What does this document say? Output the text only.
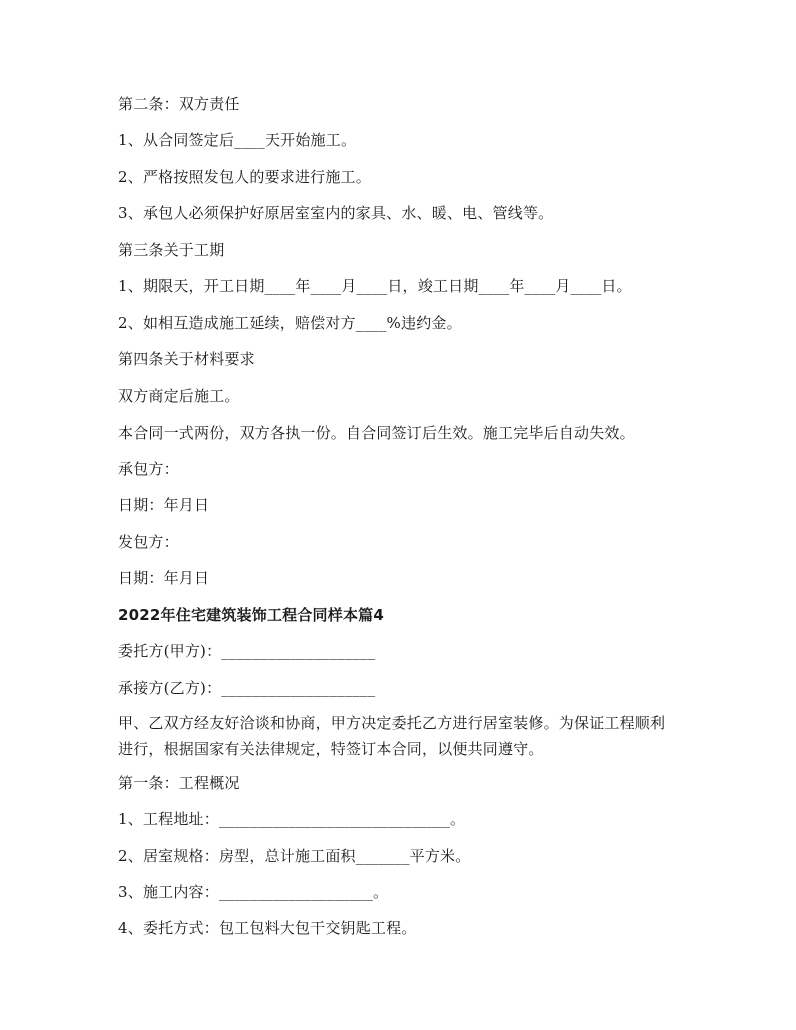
第二条：双方责任
1、从合同签定后____天开始施工。
2、严格按照发包人的要求进行施工。
3、承包人必须保护好原居室室内的家具、水、暖、电、管线等。
第三条关于工期
1、期限天，开工日期____年____月____日，竣工日期____年____月____日。
2、如相互造成施工延续，赔偿对方____%违约金。
第四条关于材料要求
双方商定后施工。
本合同一式两份，双方各执一份。自合同签订后生效。施工完毕后自动失效。
承包方：
日期：年月日
发包方：
日期：年月日
2022年住宅建筑装饰工程合同样本篇4
委托方(甲方)：____________________
承接方(乙方)：____________________
甲、乙双方经友好洽谈和协商，甲方决定委托乙方进行居室装修。为保证工程顺利进行，根据国家有关法律规定，特签订本合同，以便共同遵守。
第一条：工程概况
1、工程地址：______________________________。
2、居室规格：房型，总计施工面积_______平方米。
3、施工内容：____________________。
4、委托方式：包工包料大包干交钥匙工程。
